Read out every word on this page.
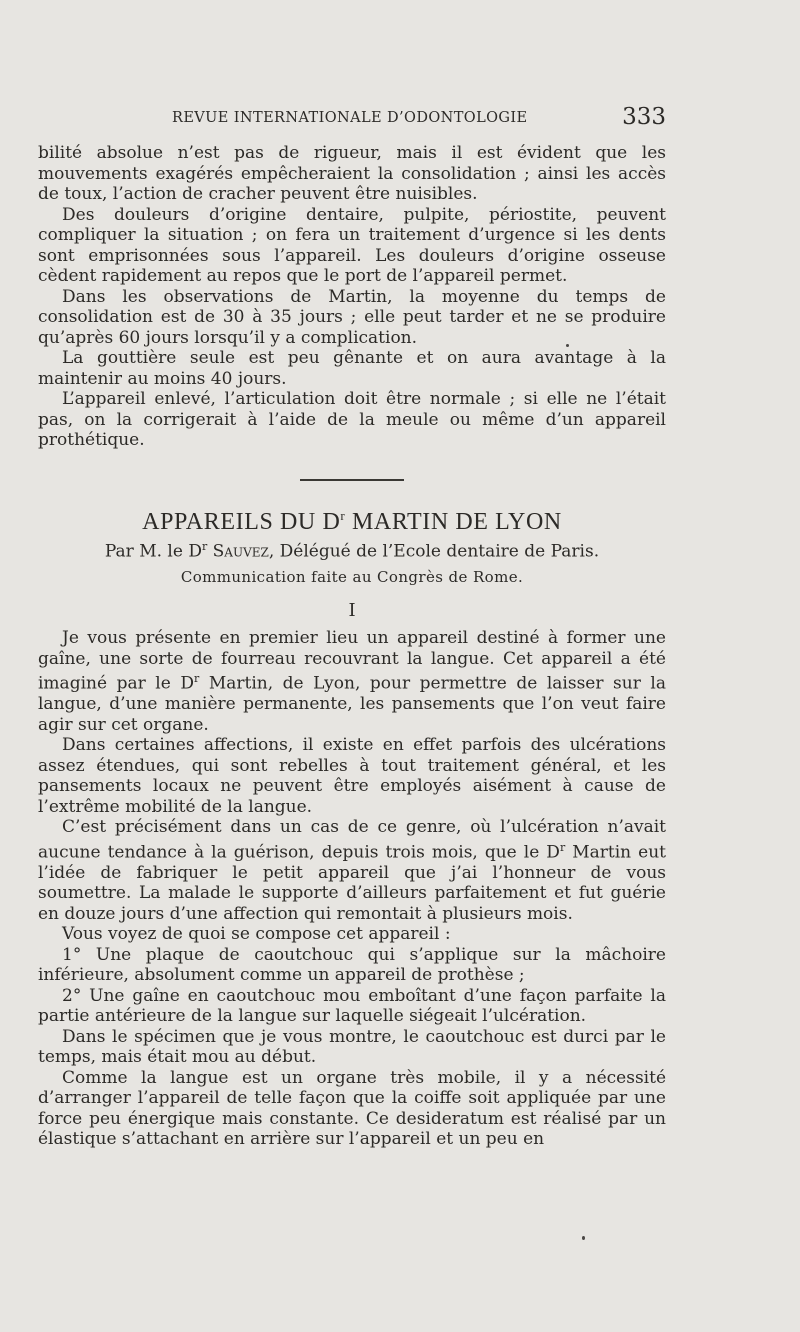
REVUE INTERNATIONALE D’ODONTOLOGIE	333

bilité absolue n’est pas de rigueur, mais il est évident que les mouvements exagérés empêcheraient la consolidation ; ainsi les accès de toux, l’action de cracher peuvent être nuisibles.

Des douleurs d’origine dentaire, pulpite, périostite, peuvent compliquer la situation ; on fera un traitement d’urgence si les dents sont emprisonnées sous l’appareil. Les douleurs d’origine osseuse cèdent rapidement au repos que le port de l’appareil permet.

Dans les observations de Martin, la moyenne du temps de consolidation est de 30 à 35 jours ; elle peut tarder et ne se produire qu’après 60 jours lorsqu’il y a complication.

La gouttière seule est peu gênante et on aura avantage à la maintenir au moins 40 jours.

L’appareil enlevé, l’articulation doit être normale ; si elle ne l’était pas, on la corrigerait à l’aide de la meule ou même d’un appareil prothétique.

APPAREILS DU $D^r$ MARTIN DE LYON
Par M. le $D^r$ Sauvez, Délégué de l’Ecole dentaire de Paris.
Communication faite au Congrès de Rome.
I

Je vous présente en premier lieu un appareil destiné à former une gaîne, une sorte de fourreau recouvrant la langue. Cet appareil a été imaginé par le $D^r$ Martin, de Lyon, pour permettre de laisser sur la langue, d’une manière permanente, les pansements que l’on veut faire agir sur cet organe.

Dans certaines affections, il existe en effet parfois des ulcérations assez étendues, qui sont rebelles à tout traitement général, et les pansements locaux ne peuvent être employés aisément à cause de l’extrême mobilité de la langue.

C’est précisément dans un cas de ce genre, où l’ulcération n’avait aucune tendance à la guérison, depuis trois mois, que le $D^r$ Martin eut l’idée de fabriquer le petit appareil que j’ai l’honneur de vous soumettre. La malade le supporte d’ailleurs parfaitement et fut guérie en douze jours d’une affection qui remontait à plusieurs mois.

Vous voyez de quoi se compose cet appareil :

1° Une plaque de caoutchouc qui s’applique sur la mâchoire inférieure, absolument comme un appareil de prothèse ;

2° Une gaîne en caoutchouc mou emboîtant d’une façon parfaite la partie antérieure de la langue sur laquelle siégeait l’ulcération.

Dans le spécimen que je vous montre, le caoutchouc est durci par le temps, mais était mou au début.

Comme la langue est un organe très mobile, il y a nécessité d’arranger l’appareil de telle façon que la coiffe soit appliquée par une force peu énergique mais constante. Ce desideratum est réalisé par un élastique s’attachant en arrière sur l’appareil et un peu en
